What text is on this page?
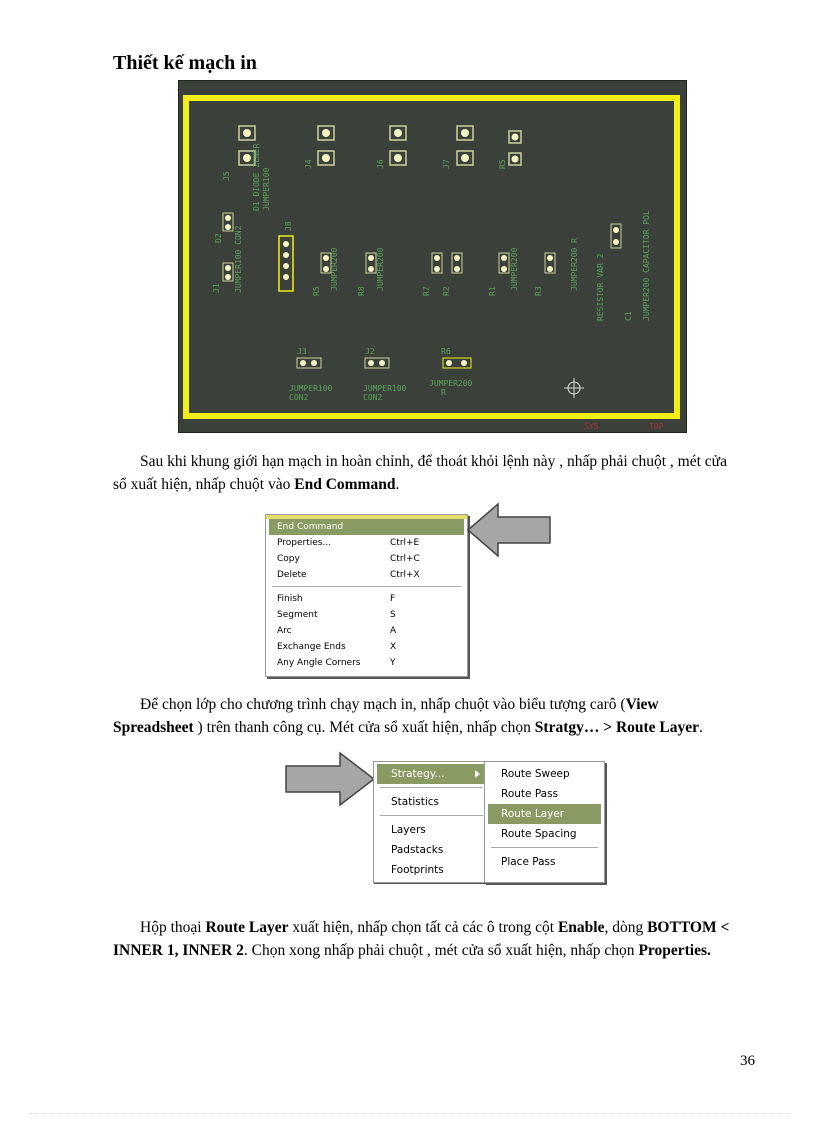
Thiết kế mạch in
J5
J4	J6	J7	R5
D1 DIODE ZENER JUMPER100
D2
J8
J1 JUMPER100 CON2	R5
JUMPER200
R8
JUMPER200
R7 R2	R1
JUMPER200
R3
JUMPER200 R RESISTOR VAR 2 C1 JUMPER200 CAPACITOR POL
J3	J2	R6
JUMPER100
CON2
JUMPER100
CON2
JUMPER200
R
SYS	TOP
Sau khi khung giới hạn mạch in hoàn chỉnh, để thoát khỏi lệnh này , nhấp phải chuột , mét cửa sổ xuất hiện, nhấp chuột vào End Command.
End Command
Properties...	Ctrl+E
Copy	Ctrl+C
Delete	Ctrl+X
Finish	F
Segment	S
Arc	A
Exchange Ends	X
Any Angle Corners	Y
Để chọn lớp cho chương trình chạy mạch in, nhấp chuột vào biểu tượng carô (View Spreadsheet ) trên thanh công cụ. Mét cửa sổ xuất hiện, nhấp chọn Stratgy… > Route Layer.
Strategy...
Statistics
Layers
Padstacks
Footprints
Route Sweep
Route Pass
Route Layer
Route Spacing
Place Pass
Hộp thoại Route Layer xuất hiện, nhấp chọn tất cả các ô trong cột Enable, dòng BOTTOM < INNER 1, INNER 2. Chọn xong nhấp phải chuột , mét cửa sổ xuất hiện, nhấp chọn Properties.
36
